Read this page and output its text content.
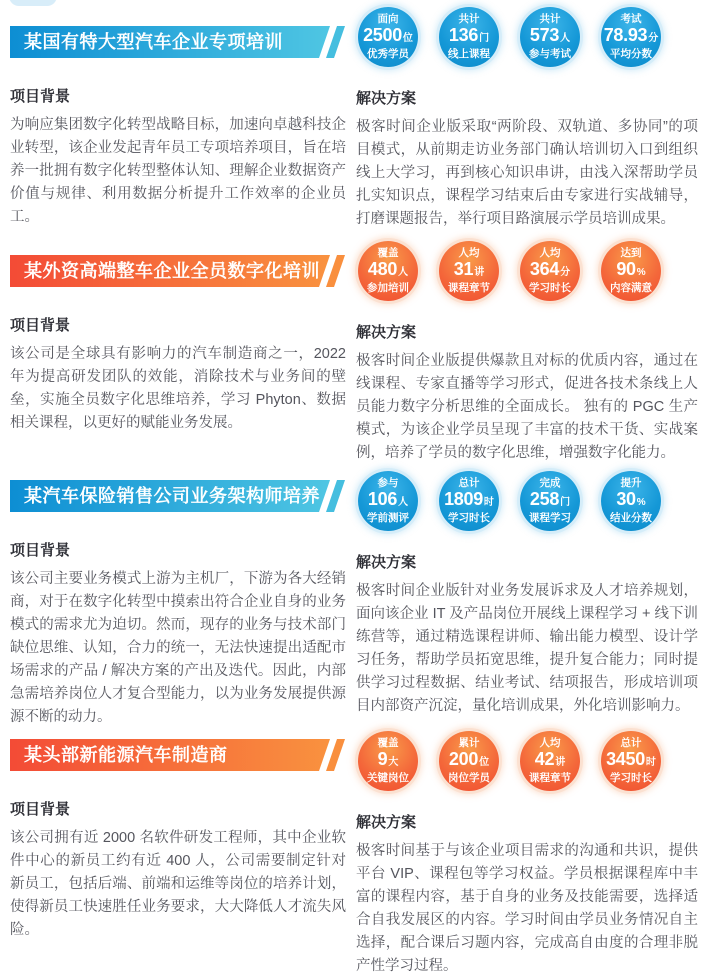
某国有特大型汽车企业专项培训
项目背景

为响应集团数字化转型战略目标，加速向卓越科技企业转型，该企业发起青年员工专项培养项目，旨在培养一批拥有数字化转型整体认知、理解企业数据资产价值与规律、利用数据分析提升工作效率的企业员工。

面向
2500 位
优秀学员
共计
136 门
线上课程
共计
573 人
参与考试
考试
78.93 分
平均分数
解决方案

极客时间企业版采取“两阶段、双轨道、多协同”的项目模式，从前期走访业务部门确认培训切入口到组织线上大学习，再到核心知识串讲，由浅入深帮助学员扎实知识点，课程学习结束后由专家进行实战辅导，打磨课题报告，举行项目路演展示学员培训成果。

某外资高端整车企业全员数字化培训
项目背景

该公司是全球具有影响力的汽车制造商之一，2022 年为提高研发团队的效能，消除技术与业务间的壁垒，实施全员数字化思维培养，学习 Phyton、数据相关课程，以更好的赋能业务发展。

覆盖
480 人
参加培训
人均
31 讲
课程章节
人均
364 分
学习时长
达到
90 %
内容满意
解决方案

极客时间企业版提供爆款且对标的优质内容，通过在线课程、专家直播等学习形式，促进各技术条线上人员能力数字分析思维的全面成长。 独有的 PGC 生产模式，为该企业学员呈现了丰富的技术干货、实战案例，培养了学员的数字化思维，增强数字化能力。

某汽车保险销售公司业务架构师培养
项目背景

该公司主要业务模式上游为主机厂，下游为各大经销商，对于在数字化转型中摸索出符合企业自身的业务模式的需求尤为迫切。然而，现存的业务与技术部门缺位思维、认知，合力的统一，无法快速提出适配市场需求的产品 / 解决方案的产出及迭代。因此，内部急需培养岗位人才复合型能力，以为业务发展提供源源不断的动力。

参与
106 人
学前测评
总计
1809 时
学习时长
完成
258 门
课程学习
提升
30 %
结业分数
解决方案

极客时间企业版针对业务发展诉求及人才培养规划，面向该企业 IT 及产品岗位开展线上课程学习 + 线下训练营等，通过精选课程讲师、输出能力模型、设计学习任务，帮助学员拓宽思维，提升复合能力；同时提供学习过程数据、结业考试、结项报告，形成培训项目内部资产沉淀，量化培训成果，外化培训影响力。

某头部新能源汽车制造商
项目背景

该公司拥有近 2000 名软件研发工程师，其中企业软件中心的新员工约有近 400 人，公司需要制定针对新员工，包括后端、前端和运维等岗位的培养计划，使得新员工快速胜任业务要求，大大降低人才流失风险。

覆盖
9 大
关键岗位
累计
200 位
岗位学员
人均
42 讲
课程章节
总计
3450 时
学习时长
解决方案

极客时间基于与该企业项目需求的沟通和共识，提供平台 VIP、课程包等学习权益。学员根据课程库中丰富的课程内容，基于自身的业务及技能需要，选择适合自我发展区的内容。学习时间由学员业务情况自主选择，配合课后习题内容，完成高自由度的合理非脱产性学习过程。
